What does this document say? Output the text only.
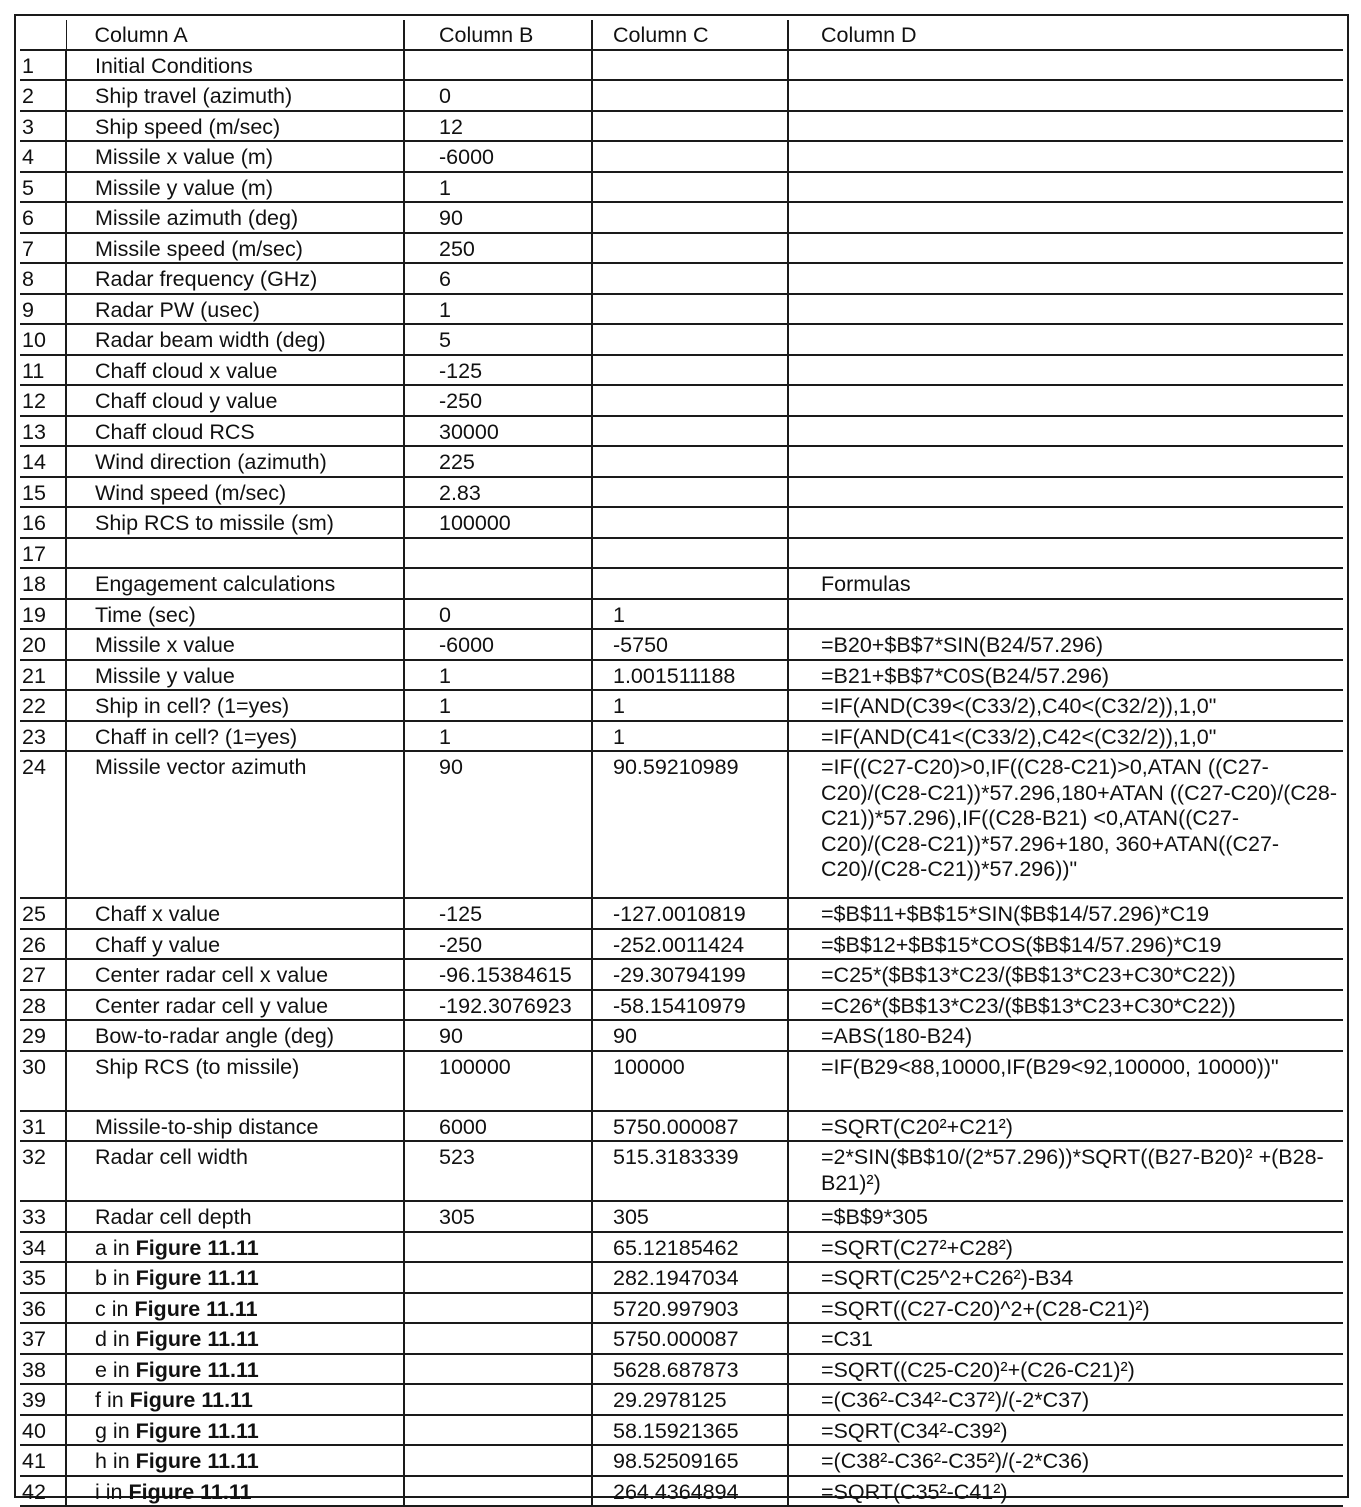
	Column A	Column B	Column C	Column D
1	Initial Conditions			
2	Ship travel (azimuth)	0		
3	Ship speed (m/sec)	12		
4	Missile x value (m)	-6000		
5	Missile y value (m)	1		
6	Missile azimuth (deg)	90		
7	Missile speed (m/sec)	250		
8	Radar frequency (GHz)	6		
9	Radar PW (usec)	1		
10	Radar beam width (deg)	5		
11	Chaff cloud x value	-125		
12	Chaff cloud y value	-250		
13	Chaff cloud RCS	30000		
14	Wind direction (azimuth)	225		
15	Wind speed (m/sec)	2.83		
16	Ship RCS to missile (sm)	100000		
17				
18	Engagement calculations			Formulas
19	Time (sec)	0	1	
20	Missile x value	-6000	-5750	=B20+$B$7*SIN(B24/57.296)
21	Missile y value	1	1.001511188	=B21+$B$7*C0S(B24/57.296)
22	Ship in cell? (1=yes)	1	1	=IF(AND(C39<(C33/2),C40<(C32/2)),1,0"
23	Chaff in cell? (1=yes)	1	1	=IF(AND(C41<(C33/2),C42<(C32/2)),1,0"
24	Missile vector azimuth	90	90.59210989	=IF((C27-C20)>0,IF((C28-C21)>0,ATAN ((C27-C20)/(C28-C21))*57.296,180+ATAN ((C27-C20)/(C28-C21))*57.296),IF((C28-B21) <0,ATAN((C27-C20)/(C28-C21))*57.296+180, 360+ATAN((C27-C20)/(C28-C21))*57.296))"
25	Chaff x value	-125	-127.0010819	=$B$11+$B$15*SIN($B$14/57.296)*C19
26	Chaff y value	-250	-252.0011424	=$B$12+$B$15*COS($B$14/57.296)*C19
27	Center radar cell x value	-96.15384615	-29.30794199	=C25*($B$13*C23/($B$13*C23+C30*C22))
28	Center radar cell y value	-192.3076923	-58.15410979	=C26*($B$13*C23/($B$13*C23+C30*C22))
29	Bow-to-radar angle (deg)	90	90	=ABS(180-B24)
30	Ship RCS (to missile)	100000	100000	=IF(B29<88,10000,IF(B29<92,100000, 10000))"
31	Missile-to-ship distance	6000	5750.000087	=SQRT(C20²+C21²)
32	Radar cell width	523	515.3183339	=2*SIN($B$10/(2*57.296))*SQRT((B27-B20)² +(B28-B21)²)
33	Radar cell depth	305	305	=$B$9*305
34	a in Figure 11.11		65.12185462	=SQRT(C27²+C28²)
35	b in Figure 11.11		282.1947034	=SQRT(C25^2+C26²)-B34
36	c in Figure 11.11		5720.997903	=SQRT((C27-C20)^2+(C28-C21)²)
37	d in Figure 11.11		5750.000087	=C31
38	e in Figure 11.11		5628.687873	=SQRT((C25-C20)²+(C26-C21)²)
39	f in Figure 11.11		29.2978125	=(C36²-C34²-C37²)/(-2*C37)
40	g in Figure 11.11		58.15921365	=SQRT(C34²-C39²)
41	h in Figure 11.11		98.52509165	=(C38²-C36²-C35²)/(-2*C36)
42	i in Figure 11.11		264.4364894	=SQRT(C35²-C41²)
